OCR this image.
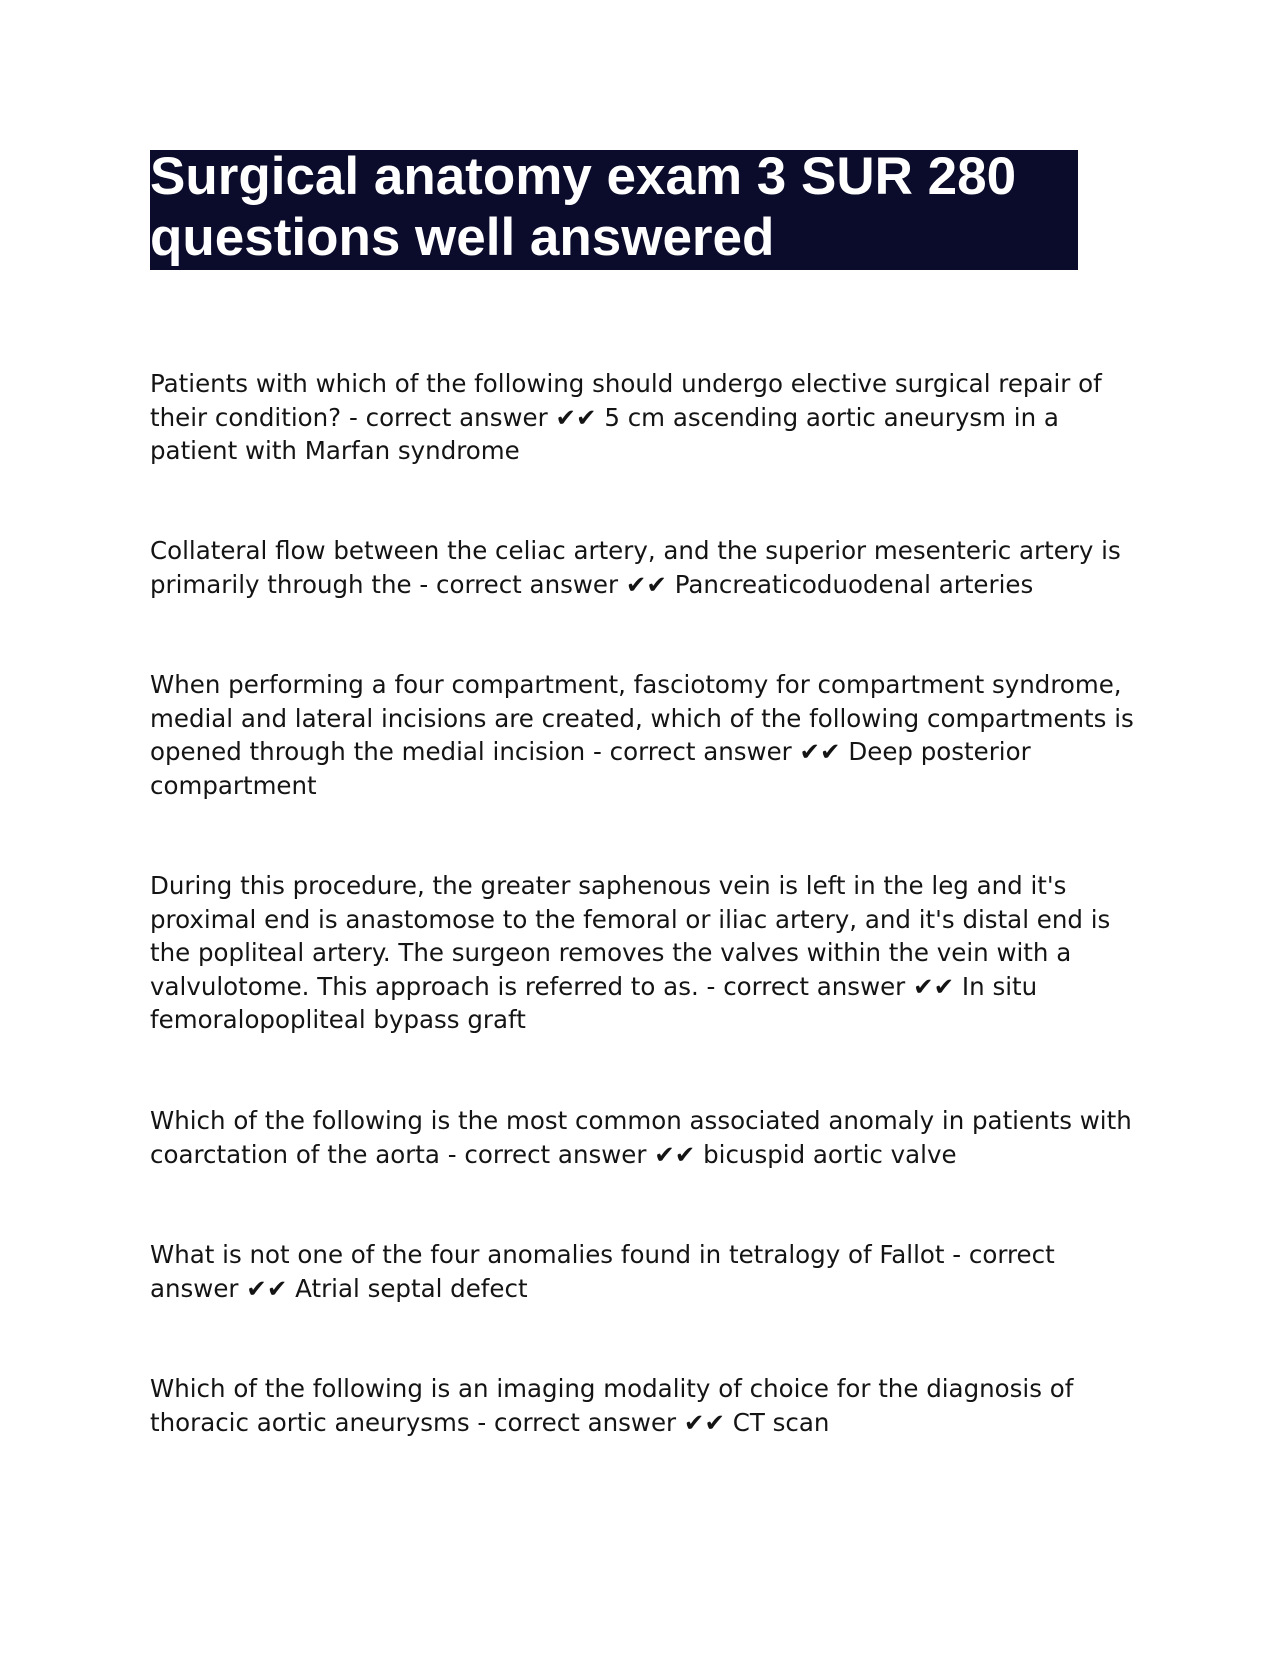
Surgical anatomy exam 3 SUR 280 questions well answered

Patients with which of the following should undergo elective surgical repair of their condition? - correct answer ✔✔ 5 cm ascending aortic aneurysm in a patient with Marfan syndrome

Collateral flow between the celiac artery, and the superior mesenteric artery is primarily through the - correct answer ✔✔ Pancreaticoduodenal arteries

When performing a four compartment, fasciotomy for compartment syndrome, medial and lateral incisions are created, which of the following compartments is opened through the medial incision - correct answer ✔✔ Deep posterior compartment

During this procedure, the greater saphenous vein is left in the leg and it's proximal end is anastomose to the femoral or iliac artery, and it's distal end is the popliteal artery. The surgeon removes the valves within the vein with a valvulotome. This approach is referred to as. - correct answer ✔✔ In situ femoralopopliteal bypass graft

Which of the following is the most common associated anomaly in patients with coarctation of the aorta - correct answer ✔✔ bicuspid aortic valve

What is not one of the four anomalies found in tetralogy of Fallot - correct answer ✔✔ Atrial septal defect

Which of the following is an imaging modality of choice for the diagnosis of thoracic aortic aneurysms - correct answer ✔✔ CT scan
